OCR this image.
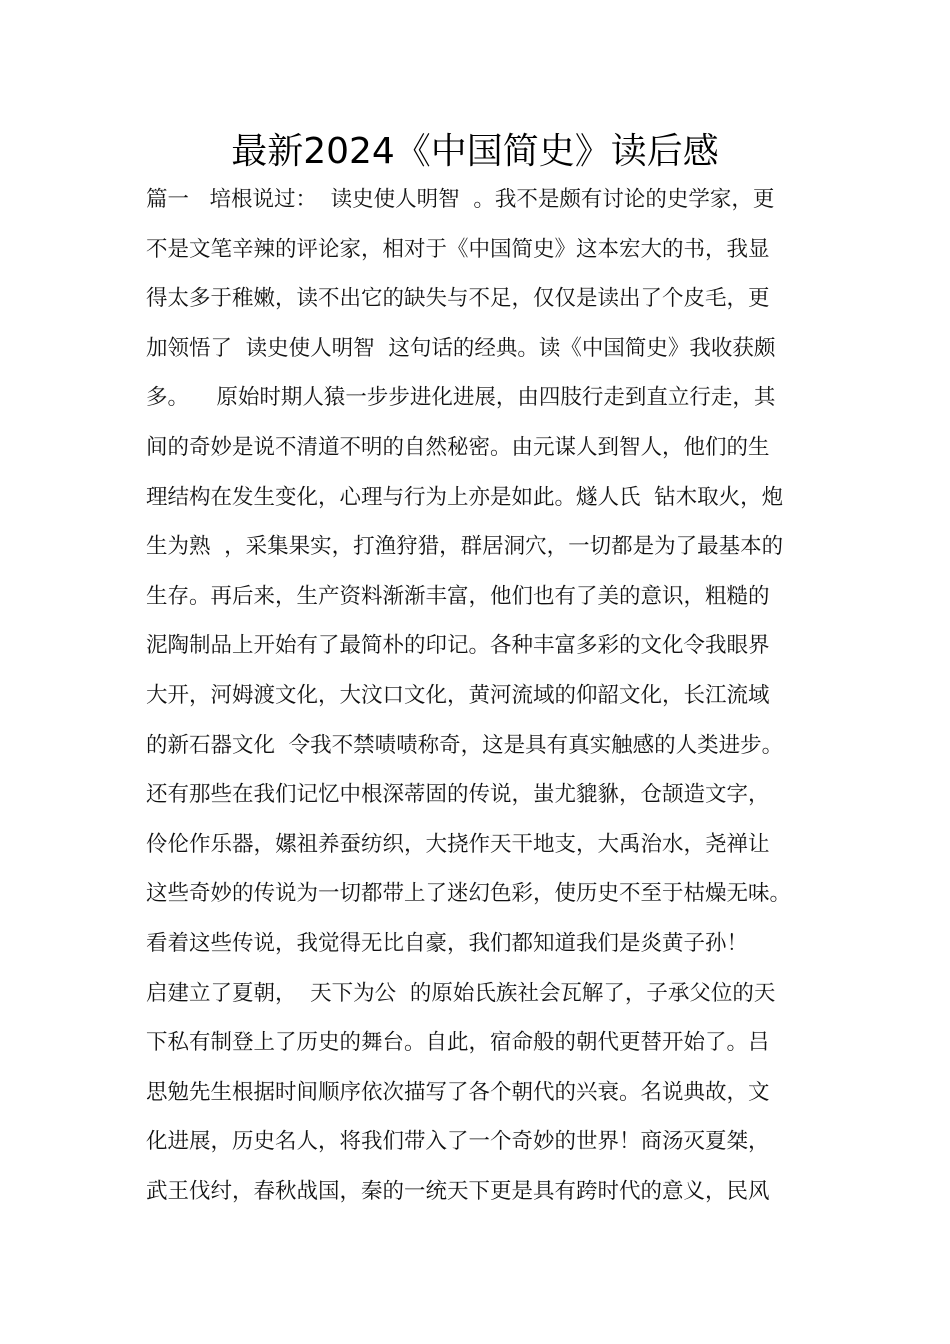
最新2024《中国简史》读后感

篇一   培根说过：  读史使人明智  。我不是颇有讨论的史学家，更

不是文笔辛辣的评论家，相对于《中国简史》这本宏大的书，我显

得太多于稚嫩，读不出它的缺失与不足，仅仅是读出了个皮毛，更

加领悟了  读史使人明智  这句话的经典。读《中国简史》我收获颇

多。    原始时期人猿一步步进化进展，由四肢行走到直立行走，其

间的奇妙是说不清道不明的自然秘密。由元谋人到智人，他们的生

理结构在发生变化，心理与行为上亦是如此。燧人氏  钻木取火，炮

生为熟  ，采集果实，打渔狩猎，群居洞穴，一切都是为了最基本的

生存。再后来，生产资料渐渐丰富，他们也有了美的意识，粗糙的

泥陶制品上开始有了最简朴的印记。各种丰富多彩的文化令我眼界

大开，河姆渡文化，大汶口文化，黄河流域的仰韶文化，长江流域

的新石器文化  令我不禁啧啧称奇，这是具有真实触感的人类进步。

还有那些在我们记忆中根深蒂固的传说，蚩尤貔貅，仓颉造文字，

伶伦作乐器，嫘祖养蚕纺织，大挠作天干地支，大禹治水，尧禅让

这些奇妙的传说为一切都带上了迷幻色彩，使历史不至于枯燥无味。

看着这些传说，我觉得无比自豪，我们都知道我们是炎黄子孙！

启建立了夏朝，  天下为公  的原始氏族社会瓦解了，子承父位的天

下私有制登上了历史的舞台。自此，宿命般的朝代更替开始了。吕

思勉先生根据时间顺序依次描写了各个朝代的兴衰。名说典故，文

化进展，历史名人，将我们带入了一个奇妙的世界！商汤灭夏桀，

武王伐纣，春秋战国，秦的一统天下更是具有跨时代的意义，民风
